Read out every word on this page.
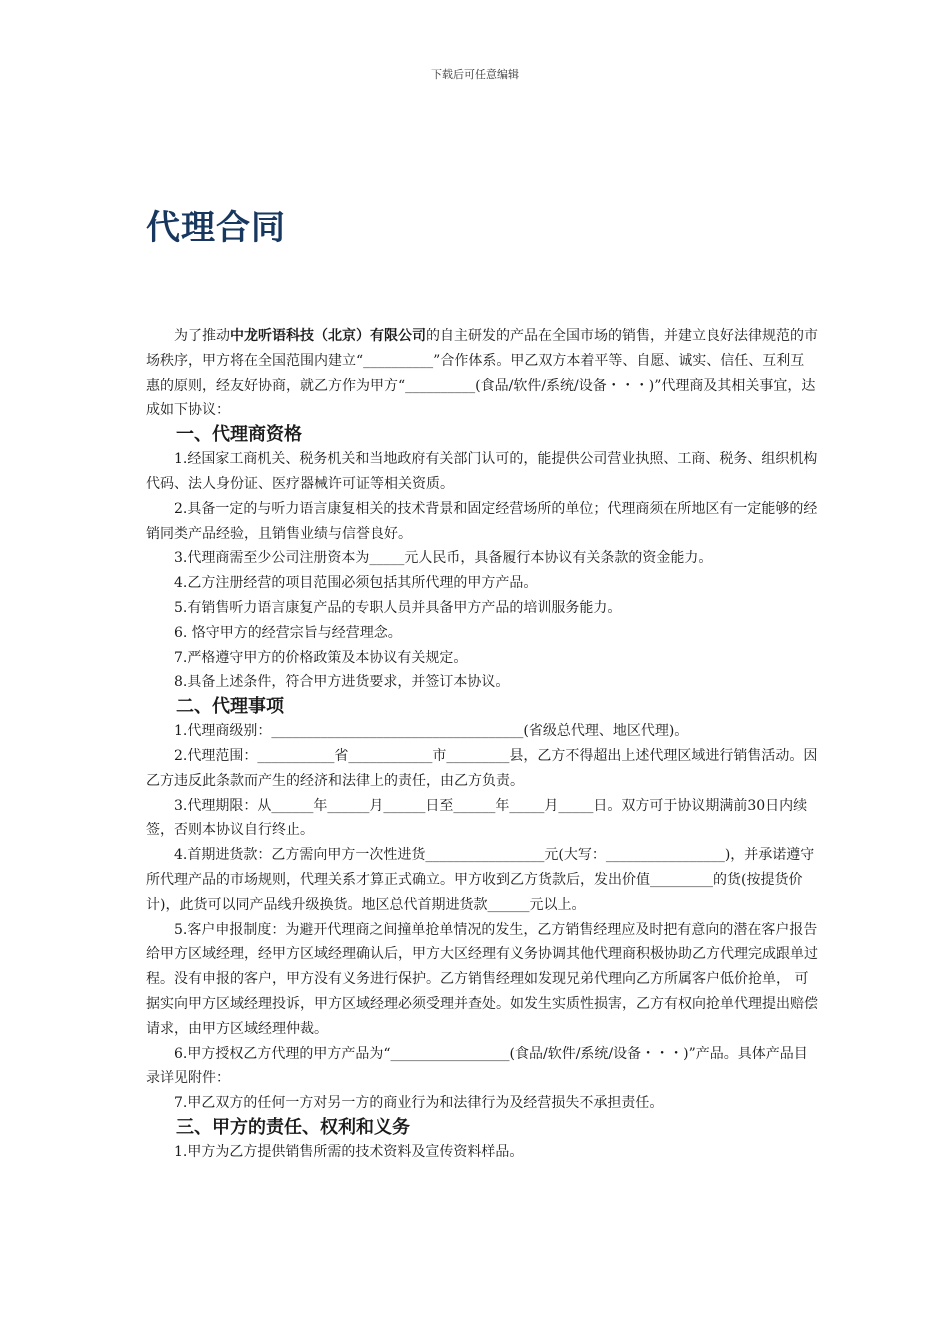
下载后可任意编辑
代理合同

为了推动中龙听语科技（北京）有限公司的自主研发的产品在全国市场的销售，并建立良好法律规范的市场秩序，甲方将在全国范围内建立“__________”合作体系。甲乙双方本着平等、自愿、诚实、信任、互利互惠的原则，经友好协商，就乙方作为甲方“__________(食品/软件/系统/设备・・・)”代理商及其相关事宜，达成如下协议：

一、代理商资格

1.经国家工商机关、税务机关和当地政府有关部门认可的，能提供公司营业执照、工商、税务、组织机构代码、法人身份证、医疗器械许可证等相关资质。

2.具备一定的与听力语言康复相关的技术背景和固定经营场所的单位；代理商须在所地区有一定能够的经销同类产品经验，且销售业绩与信誉良好。

3.代理商需至少公司注册资本为_____元人民币，具备履行本协议有关条款的资金能力。

4.乙方注册经营的项目范围必须包括其所代理的甲方产品。

5.有销售听力语言康复产品的专职人员并具备甲方产品的培训服务能力。

6. 恪守甲方的经营宗旨与经营理念。

7.严格遵守甲方的价格政策及本协议有关规定。

8.具备上述条件，符合甲方进货要求，并签订本协议。

二、代理事项

1.代理商级别：____________________________________(省级总代理、地区代理)。

2.代理范围：___________省____________市_________县，乙方不得超出上述代理区域进行销售活动。因乙方违反此条款而产生的经济和法律上的责任，由乙方负责。

3.代理期限：从______年______月______日至______年_____月_____日。双方可于协议期满前30日内续签，否则本协议自行终止。

4.首期进货款：乙方需向甲方一次性进货_________________元(大写：_________________)，并承诺遵守所代理产品的市场规则，代理关系才算正式确立。甲方收到乙方货款后，发出价值_________的货(按提货价计)，此货可以同产品线升级换货。地区总代首期进货款______元以上。

5.客户申报制度：为避开代理商之间撞单抢单情况的发生，乙方销售经理应及时把有意向的潜在客户报告给甲方区域经理，经甲方区域经理确认后，甲方大区经理有义务协调其他代理商积极协助乙方代理完成跟单过程。没有申报的客户，甲方没有义务进行保护。乙方销售经理如发现兄弟代理向乙方所属客户低价抢单， 可据实向甲方区域经理投诉，甲方区域经理必须受理并查处。如发生实质性损害，乙方有权向抢单代理提出赔偿请求，由甲方区域经理仲裁。

6.甲方授权乙方代理的甲方产品为“_________________(食品/软件/系统/设备・・・)”产品。具体产品目录详见附件：

7.甲乙双方的任何一方对另一方的商业行为和法律行为及经营损失不承担责任。

三、甲方的责任、权利和义务

1.甲方为乙方提供销售所需的技术资料及宣传资料样品。
